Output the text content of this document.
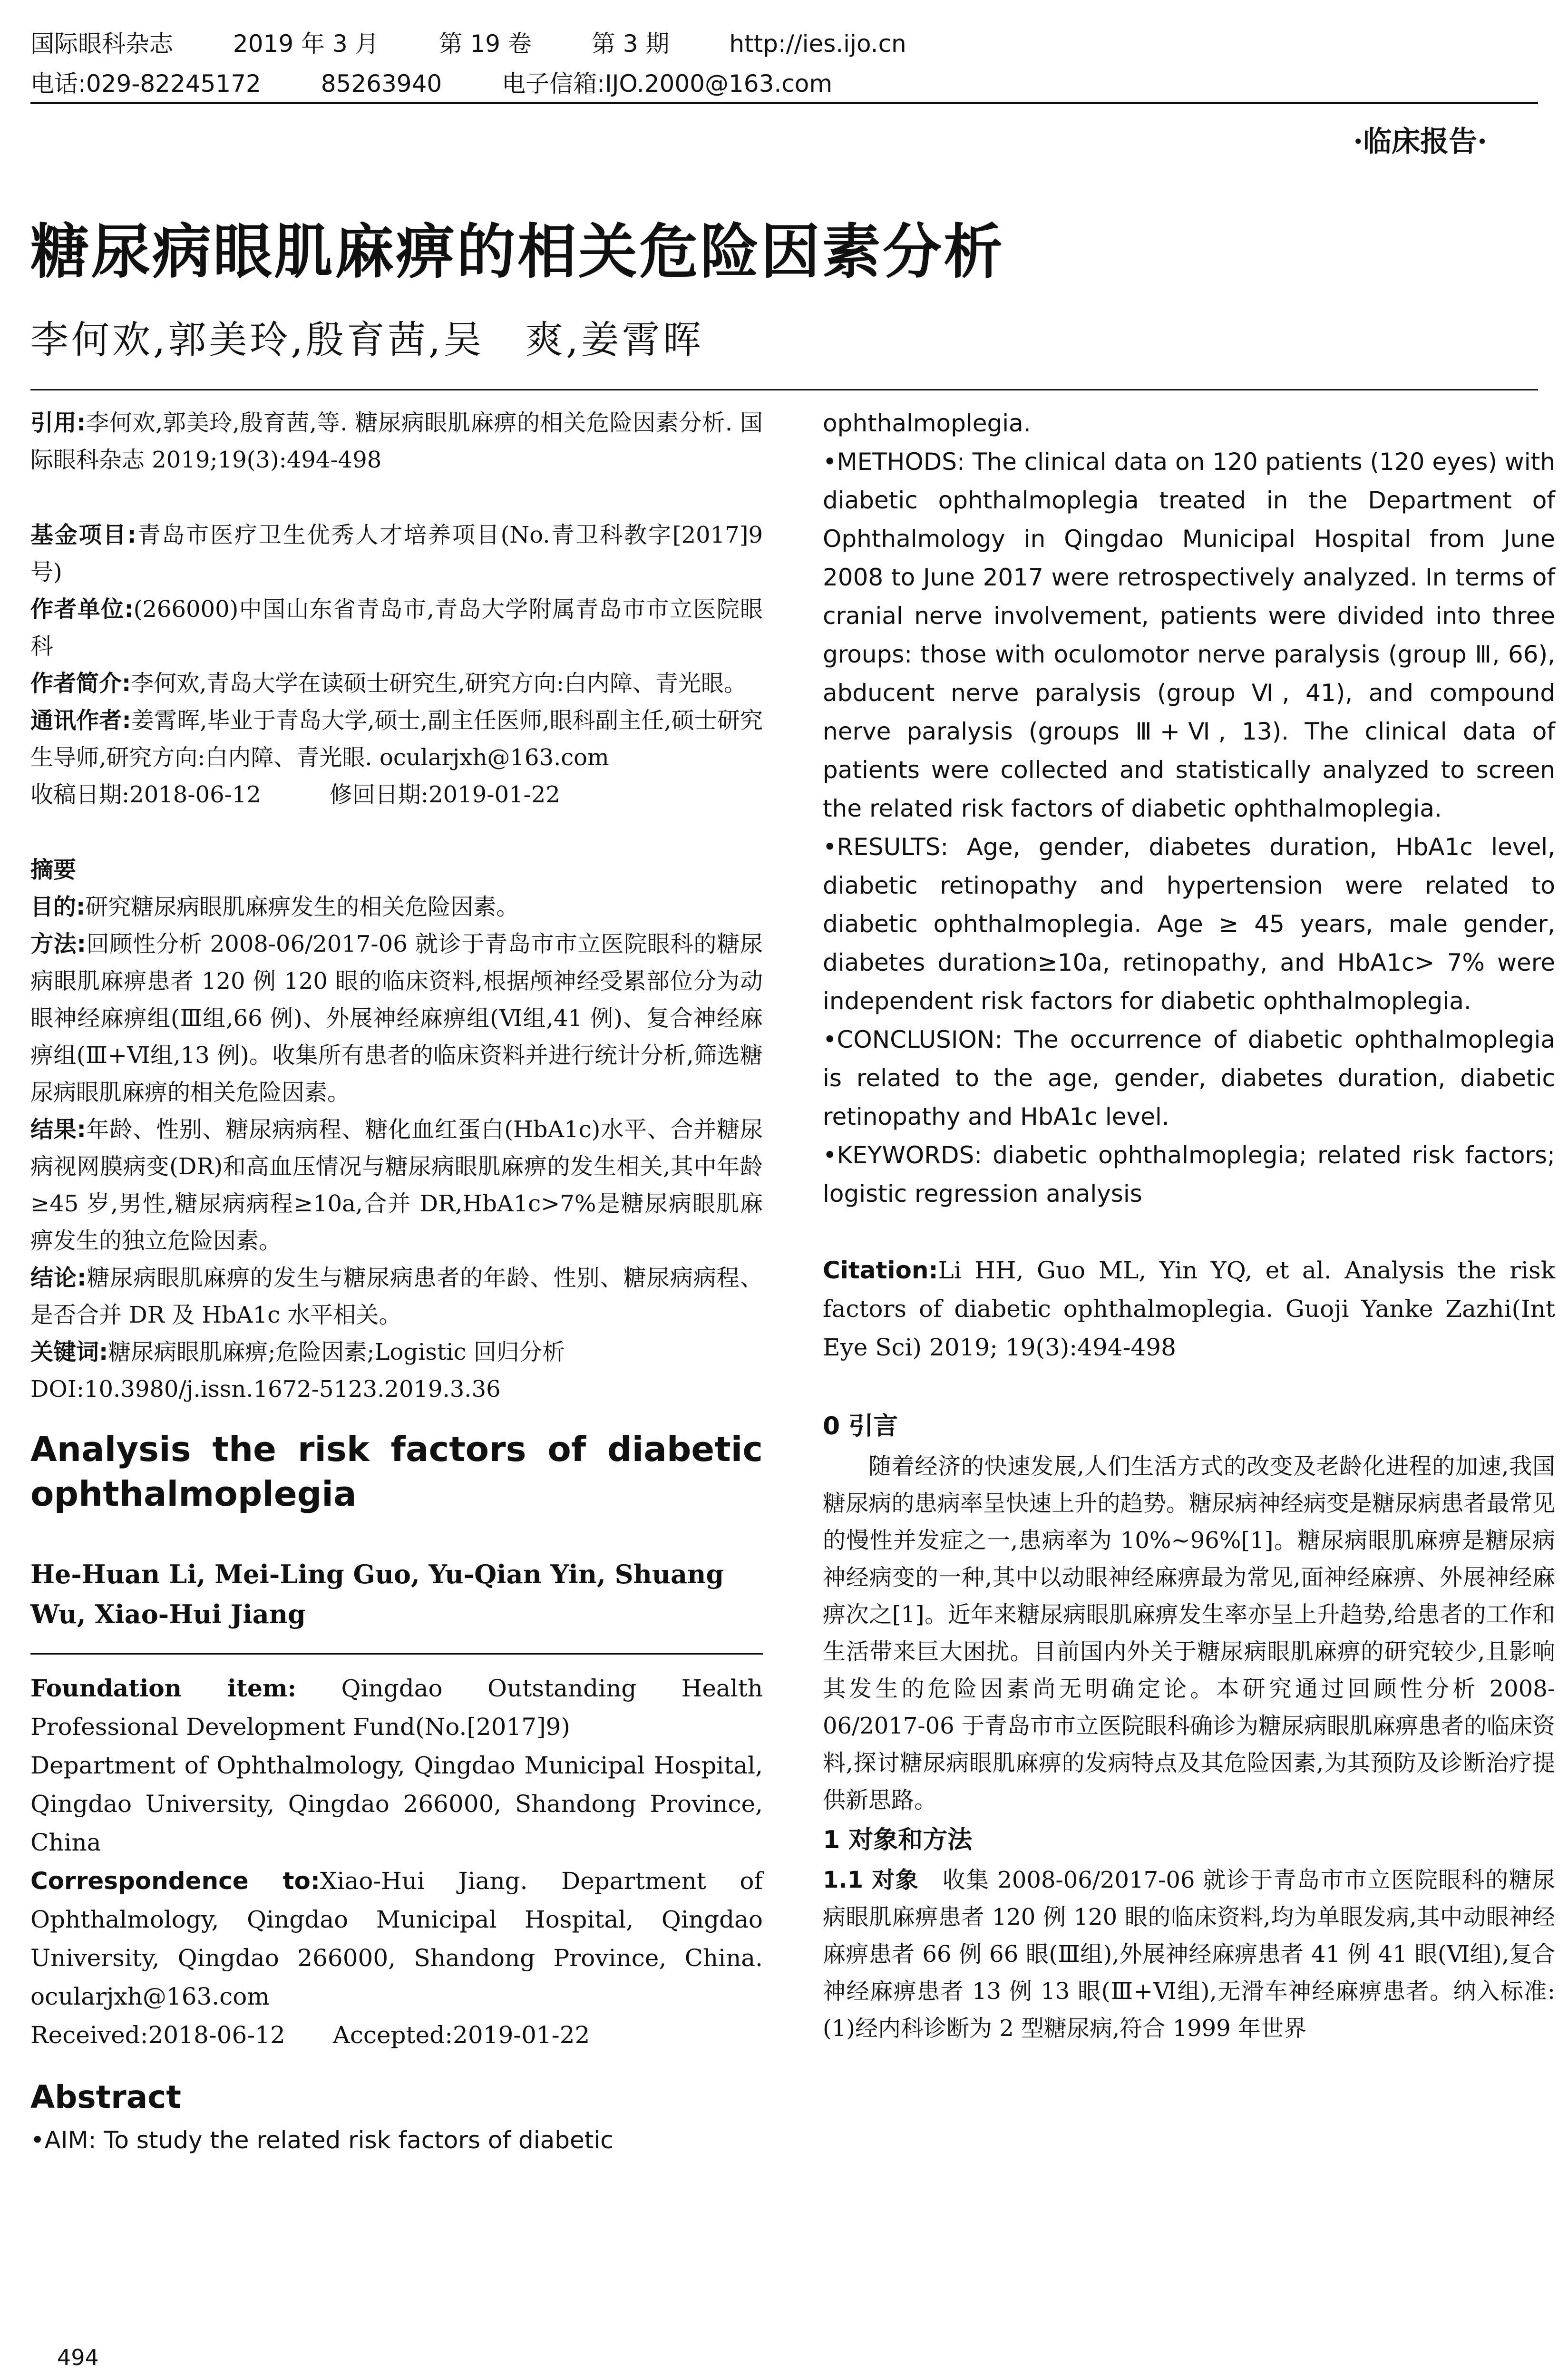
国际眼科杂志	2019 年 3 月	第 19 卷	第 3 期	http://ies.ijo.cn
电话:029-82245172	85263940	电子信箱:IJO.2000@163.com
·临床报告·
糖尿病眼肌麻痹的相关危险因素分析
李何欢,郭美玲,殷育茜,吴　爽,姜霄晖

引用:李何欢,郭美玲,殷育茜,等. 糖尿病眼肌麻痹的相关危险因素分析. 国际眼科杂志 2019;19(3):494-498

基金项目:青岛市医疗卫生优秀人才培养项目(No.青卫科教字[2017]9 号)

作者单位:(266000)中国山东省青岛市,青岛大学附属青岛市市立医院眼科

作者简介:李何欢,青岛大学在读硕士研究生,研究方向:白内障、青光眼。

通讯作者:姜霄晖,毕业于青岛大学,硕士,副主任医师,眼科副主任,硕士研究生导师,研究方向:白内障、青光眼. ocularjxh@163.com

收稿日期:2018-06-12　　　修回日期:2019-01-22

摘要

目的:研究糖尿病眼肌麻痹发生的相关危险因素。

方法:回顾性分析 2008-06/2017-06 就诊于青岛市市立医院眼科的糖尿病眼肌麻痹患者 120 例 120 眼的临床资料,根据颅神经受累部位分为动眼神经麻痹组(Ⅲ组,66 例)、外展神经麻痹组(Ⅵ组,41 例)、复合神经麻痹组(Ⅲ+Ⅵ组,13 例)。收集所有患者的临床资料并进行统计分析,筛选糖尿病眼肌麻痹的相关危险因素。

结果:年龄、性别、糖尿病病程、糖化血红蛋白(HbA1c)水平、合并糖尿病视网膜病变(DR)和高血压情况与糖尿病眼肌麻痹的发生相关,其中年龄≥45 岁,男性,糖尿病病程≥10a,合并 DR,HbA1c>7%是糖尿病眼肌麻痹发生的独立危险因素。

结论:糖尿病眼肌麻痹的发生与糖尿病患者的年龄、性别、糖尿病病程、是否合并 DR 及 HbA1c 水平相关。

关键词:糖尿病眼肌麻痹;危险因素;Logistic 回归分析

DOI:10.3980/j.issn.1672-5123.2019.3.36

Analysis the risk factors of diabetic ophthalmoplegia
He-Huan Li, Mei-Ling Guo, Yu-Qian Yin, Shuang Wu, Xiao-Hui Jiang

Foundation item: Qingdao Outstanding Health Professional Development Fund(No.[2017]9)

Department of Ophthalmology, Qingdao Municipal Hospital, Qingdao University, Qingdao 266000, Shandong Province, China

Correspondence to:Xiao-Hui Jiang. Department of Ophthalmology, Qingdao Municipal Hospital, Qingdao University, Qingdao 266000, Shandong Province, China. ocularjxh@163.com

Received:2018-06-12　　Accepted:2019-01-22

Abstract

• AIM: To study the related risk factors of diabetic

ophthalmoplegia.

• METHODS: The clinical data on 120 patients (120 eyes) with diabetic ophthalmoplegia treated in the Department of Ophthalmology in Qingdao Municipal Hospital from June 2008 to June 2017 were retrospectively analyzed. In terms of cranial nerve involvement, patients were divided into three groups: those with oculomotor nerve paralysis (group Ⅲ, 66), abducent nerve paralysis (group Ⅵ, 41), and compound nerve paralysis (groups Ⅲ+Ⅵ, 13). The clinical data of patients were collected and statistically analyzed to screen the related risk factors of diabetic ophthalmoplegia.

• RESULTS: Age, gender, diabetes duration, HbA1c level, diabetic retinopathy and hypertension were related to diabetic ophthalmoplegia. Age ≥ 45 years, male gender, diabetes duration≥10a, retinopathy, and HbA1c> 7% were independent risk factors for diabetic ophthalmoplegia.

• CONCLUSION: The occurrence of diabetic ophthalmoplegia is related to the age, gender, diabetes duration, diabetic retinopathy and HbA1c level.

• KEYWORDS: diabetic ophthalmoplegia; related risk factors; logistic regression analysis

Citation:Li HH, Guo ML, Yin YQ, et al. Analysis the risk factors of diabetic ophthalmoplegia. Guoji Yanke Zazhi(Int Eye Sci) 2019; 19(3):494-498

0 引言

随着经济的快速发展,人们生活方式的改变及老龄化进程的加速,我国糖尿病的患病率呈快速上升的趋势。糖尿病神经病变是糖尿病患者最常见的慢性并发症之一,患病率为 10%~96%[1]。糖尿病眼肌麻痹是糖尿病神经病变的一种,其中以动眼神经麻痹最为常见,面神经麻痹、外展神经麻痹次之[1]。近年来糖尿病眼肌麻痹发生率亦呈上升趋势,给患者的工作和生活带来巨大困扰。目前国内外关于糖尿病眼肌麻痹的研究较少,且影响其发生的危险因素尚无明确定论。本研究通过回顾性分析 2008-06/2017-06 于青岛市市立医院眼科确诊为糖尿病眼肌麻痹患者的临床资料,探讨糖尿病眼肌麻痹的发病特点及其危险因素,为其预防及诊断治疗提供新思路。

1 对象和方法

1.1 对象　收集 2008-06/2017-06 就诊于青岛市市立医院眼科的糖尿病眼肌麻痹患者 120 例 120 眼的临床资料,均为单眼发病,其中动眼神经麻痹患者 66 例 66 眼(Ⅲ组),外展神经麻痹患者 41 例 41 眼(Ⅵ组),复合神经麻痹患者 13 例 13 眼(Ⅲ+Ⅵ组),无滑车神经麻痹患者。纳入标准:(1)经内科诊断为 2 型糖尿病,符合 1999 年世界

494
